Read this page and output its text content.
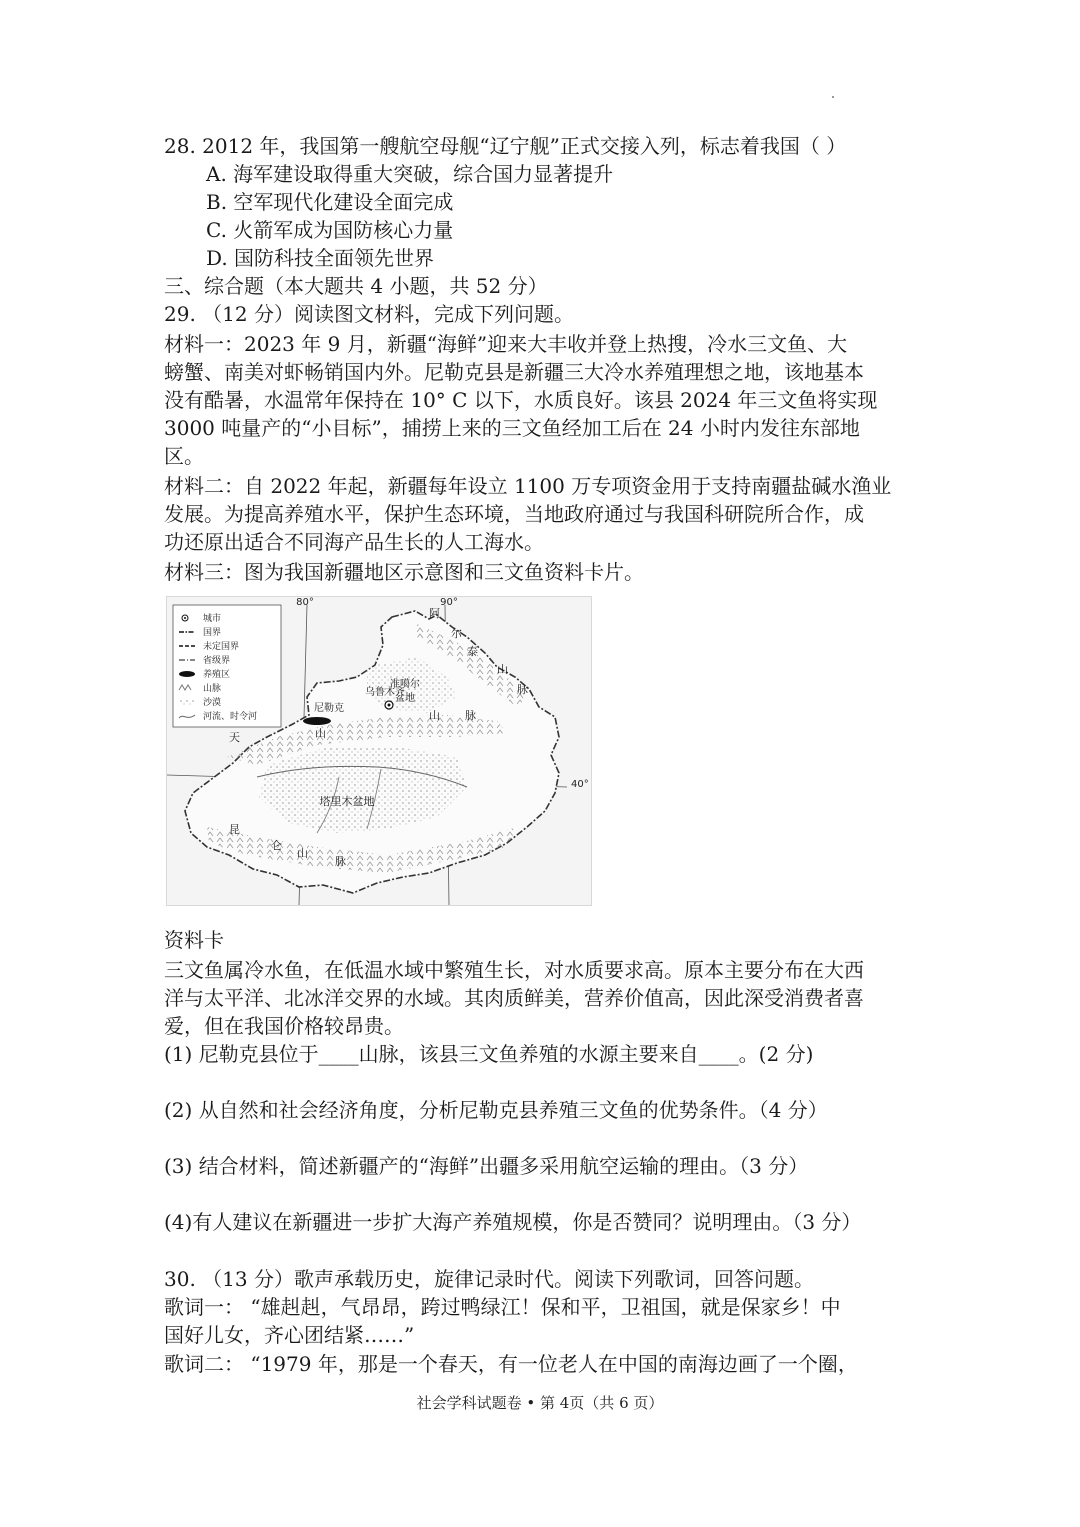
28. 2012 年，我国第一艘航空母舰“辽宁舰”正式交接入列，标志着我国（ ）
A. 海军建设取得重大突破，综合国力显著提升
B. 空军现代化建设全面完成
C. 火箭军成为国防核心力量
D. 国防科技全面领先世界
三、综合题（本大题共 4 小题，共 52 分）
29. （12 分）阅读图文材料，完成下列问题。
材料一：2023 年 9 月，新疆“海鲜”迎来大丰收并登上热搜，冷水三文鱼、大
螃蟹、南美对虾畅销国内外。尼勒克县是新疆三大冷水养殖理想之地，该地基本
没有酷暑，水温常年保持在 10° C 以下，水质良好。该县 2024 年三文鱼将实现
3000 吨量产的“小目标”，捕捞上来的三文鱼经加工后在 24 小时内发往东部地
区。
材料二：自 2022 年起，新疆每年设立 1100 万专项资金用于支持南疆盐碱水渔业
发展。为提高养殖水平，保护生态环境，当地政府通过与我国科研院所合作，成
功还原出适合不同海产品生长的人工海水。
材料三：图为我国新疆地区示意图和三文鱼资料卡片。
80°	90°
40°
准噶尔
盆地
乌鲁木齐
尼勒克
塔里木盆地
阿
尔
泰
山
脉
天	山
山 脉
昆
仑
山
脉
城市
国界
未定国界
省级界
养殖区
山脉
沙漠
河流、时令河
资料卡
三文鱼属冷水鱼，在低温水域中繁殖生长，对水质要求高。原本主要分布在大西
洋与太平洋、北冰洋交界的水域。其肉质鲜美，营养价值高，因此深受消费者喜
爱，但在我国价格较昂贵。
(1) 尼勒克县位于____山脉，该县三文鱼养殖的水源主要来自____。(2 分)
(2) 从自然和社会经济角度，分析尼勒克县养殖三文鱼的优势条件。（4 分）
(3) 结合材料，简述新疆产的“海鲜”出疆多采用航空运输的理由。（3 分）
(4)有人建议在新疆进一步扩大海产养殖规模，你是否赞同？说明理由。（3 分）
30. （13 分）歌声承载历史，旋律记录时代。阅读下列歌词，回答问题。
歌词一： “雄赳赳，气昂昂，跨过鸭绿江！保和平，卫祖国，就是保家乡！中
国好儿女，齐心团结紧……”
歌词二： “1979 年，那是一个春天，有一位老人在中国的南海边画了一个圈，
社会学科试题卷 • 第 4页（共 6 页）
